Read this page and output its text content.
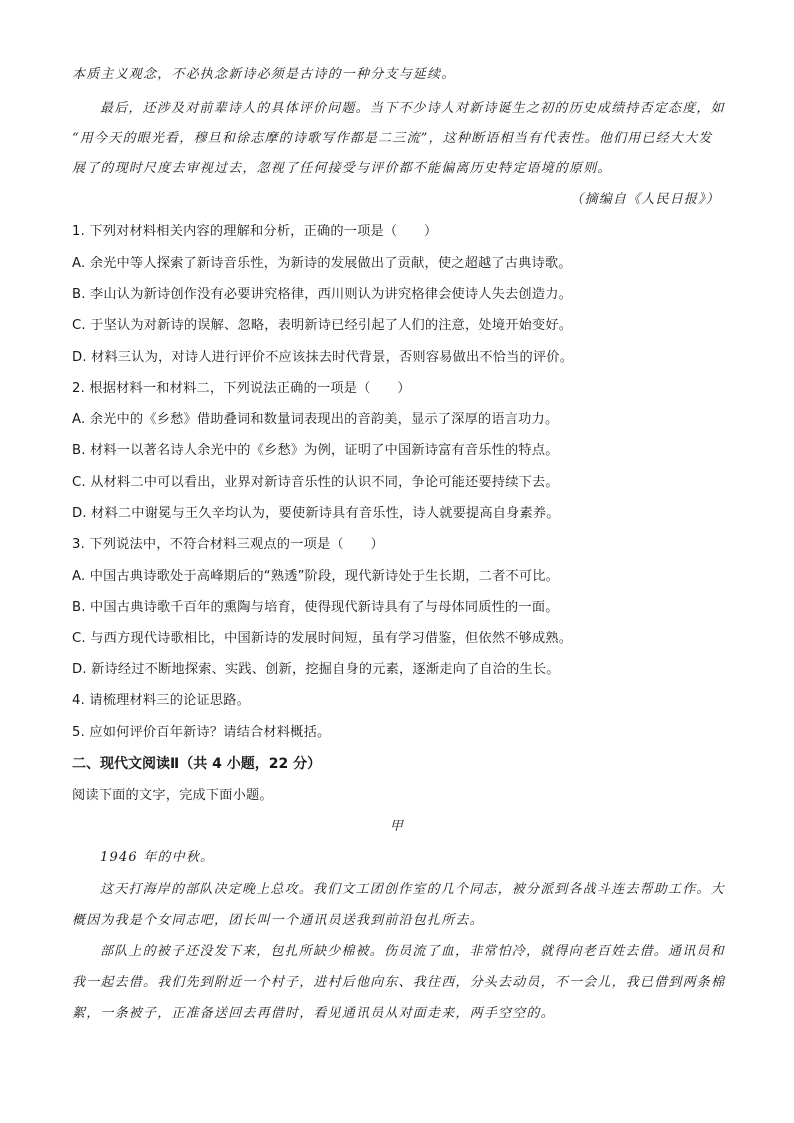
本质主义观念，不必执念新诗必须是古诗的一种分支与延续。
最后，还涉及对前辈诗人的具体评价问题。当下不少诗人对新诗诞生之初的历史成绩持否定态度，如
“用今天的眼光看，穆旦和徐志摩的诗歌写作都是二三流”，这种断语相当有代表性。他们用已经大大发
展了的现时尺度去审视过去，忽视了任何接受与评价都不能偏离历史特定语境的原则。
（摘编自《人民日报》）
1. 下列对材料相关内容的理解和分析，正确的一项是（　　）
A. 余光中等人探索了新诗音乐性，为新诗的发展做出了贡献，使之超越了古典诗歌。
B. 李山认为新诗创作没有必要讲究格律，西川则认为讲究格律会使诗人失去创造力。
C. 于坚认为对新诗的误解、忽略，表明新诗已经引起了人们的注意，处境开始变好。
D. 材料三认为，对诗人进行评价不应该抹去时代背景，否则容易做出不恰当的评价。
2. 根据材料一和材料二，下列说法正确的一项是（　　）
A. 余光中的《乡愁》借助叠词和数量词表现出的音韵美，显示了深厚的语言功力。
B. 材料一以著名诗人余光中的《乡愁》为例，证明了中国新诗富有音乐性的特点。
C. 从材料二中可以看出，业界对新诗音乐性的认识不同，争论可能还要持续下去。
D. 材料二中谢冕与王久辛均认为，要使新诗具有音乐性，诗人就要提高自身素养。
3. 下列说法中，不符合材料三观点的一项是（　　）
A. 中国古典诗歌处于高峰期后的“熟透”阶段，现代新诗处于生长期，二者不可比。
B. 中国古典诗歌千百年的熏陶与培育，使得现代新诗具有了与母体同质性的一面。
C. 与西方现代诗歌相比，中国新诗的发展时间短，虽有学习借鉴，但依然不够成熟。
D. 新诗经过不断地探索、实践、创新，挖掘自身的元素，逐渐走向了自洽的生长。
4. 请梳理材料三的论证思路。
5. 应如何评价百年新诗？请结合材料概括。
二、现代文阅读Ⅱ（共 4 小题，22 分）
阅读下面的文字，完成下面小题。
甲
1946 年的中秋。
这天打海岸的部队决定晚上总攻。我们文工团创作室的几个同志，被分派到各战斗连去帮助工作。大
概因为我是个女同志吧，团长叫一个通讯员送我到前沿包扎所去。
部队上的被子还没发下来，包扎所缺少棉被。伤员流了血，非常怕冷，就得向老百姓去借。通讯员和
我一起去借。我们先到附近一个村子，进村后他向东、我往西，分头去动员，不一会儿，我已借到两条棉
絮，一条被子，正准备送回去再借时，看见通讯员从对面走来，两手空空的。
